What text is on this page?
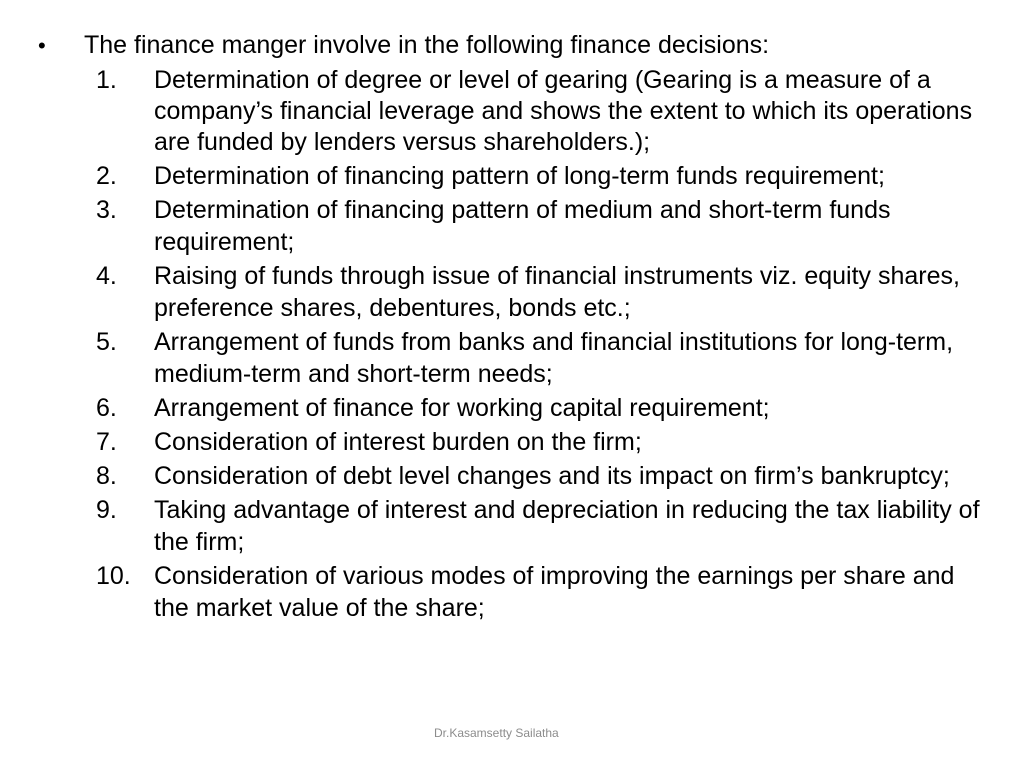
•	The finance manger involve in the following finance decisions:
1.	Determination of degree or level of gearing (Gearing is a measure of a company’s financial leverage and shows the extent to which its operations are funded by lenders versus shareholders.);
2.	Determination of financing pattern of long-term funds requirement;
3.	Determination of financing pattern of medium and short-term funds requirement;
4.	Raising of funds through issue of financial instruments viz. equity shares, preference shares, debentures, bonds etc.;
5.	Arrangement of funds from banks and financial institutions for long-term, medium-term and short-term needs;
6.	Arrangement of finance for working capital requirement;
7.	Consideration of interest burden on the firm;
8.	Consideration of debt level changes and its impact on firm’s bankruptcy;
9.	Taking advantage of interest and depreciation in reducing the tax liability of the firm;
10. Consideration of various modes of improving the earnings per share and the market value of the share;
Dr.Kasamsetty Sailatha
